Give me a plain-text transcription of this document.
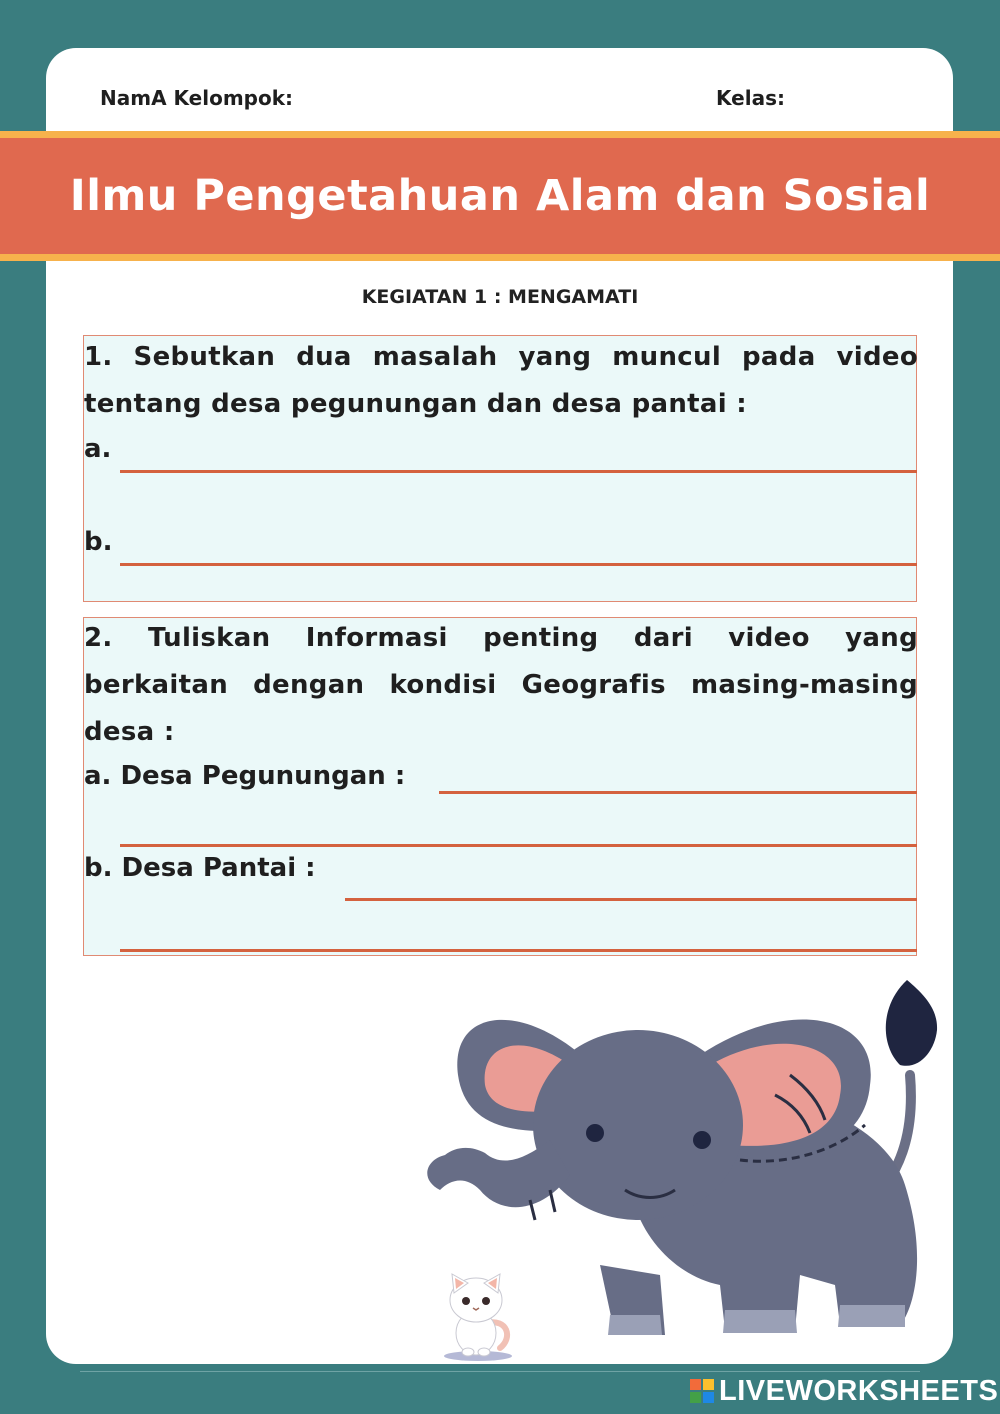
NamA Kelompok:	Kelas:
Ilmu Pengetahuan Alam dan Sosial
KEGIATAN 1 : MENGAMATI
1. Sebutkan dua masalah yang muncul pada video
tentang desa pegunungan dan desa pantai :
a.
b.
2. Tuliskan Informasi penting dari video yang
berkaitan dengan kondisi Geografis masing-masing
desa :
a. Desa Pegunungan :
b. Desa Pantai :
LIVEWORKSHEETS
